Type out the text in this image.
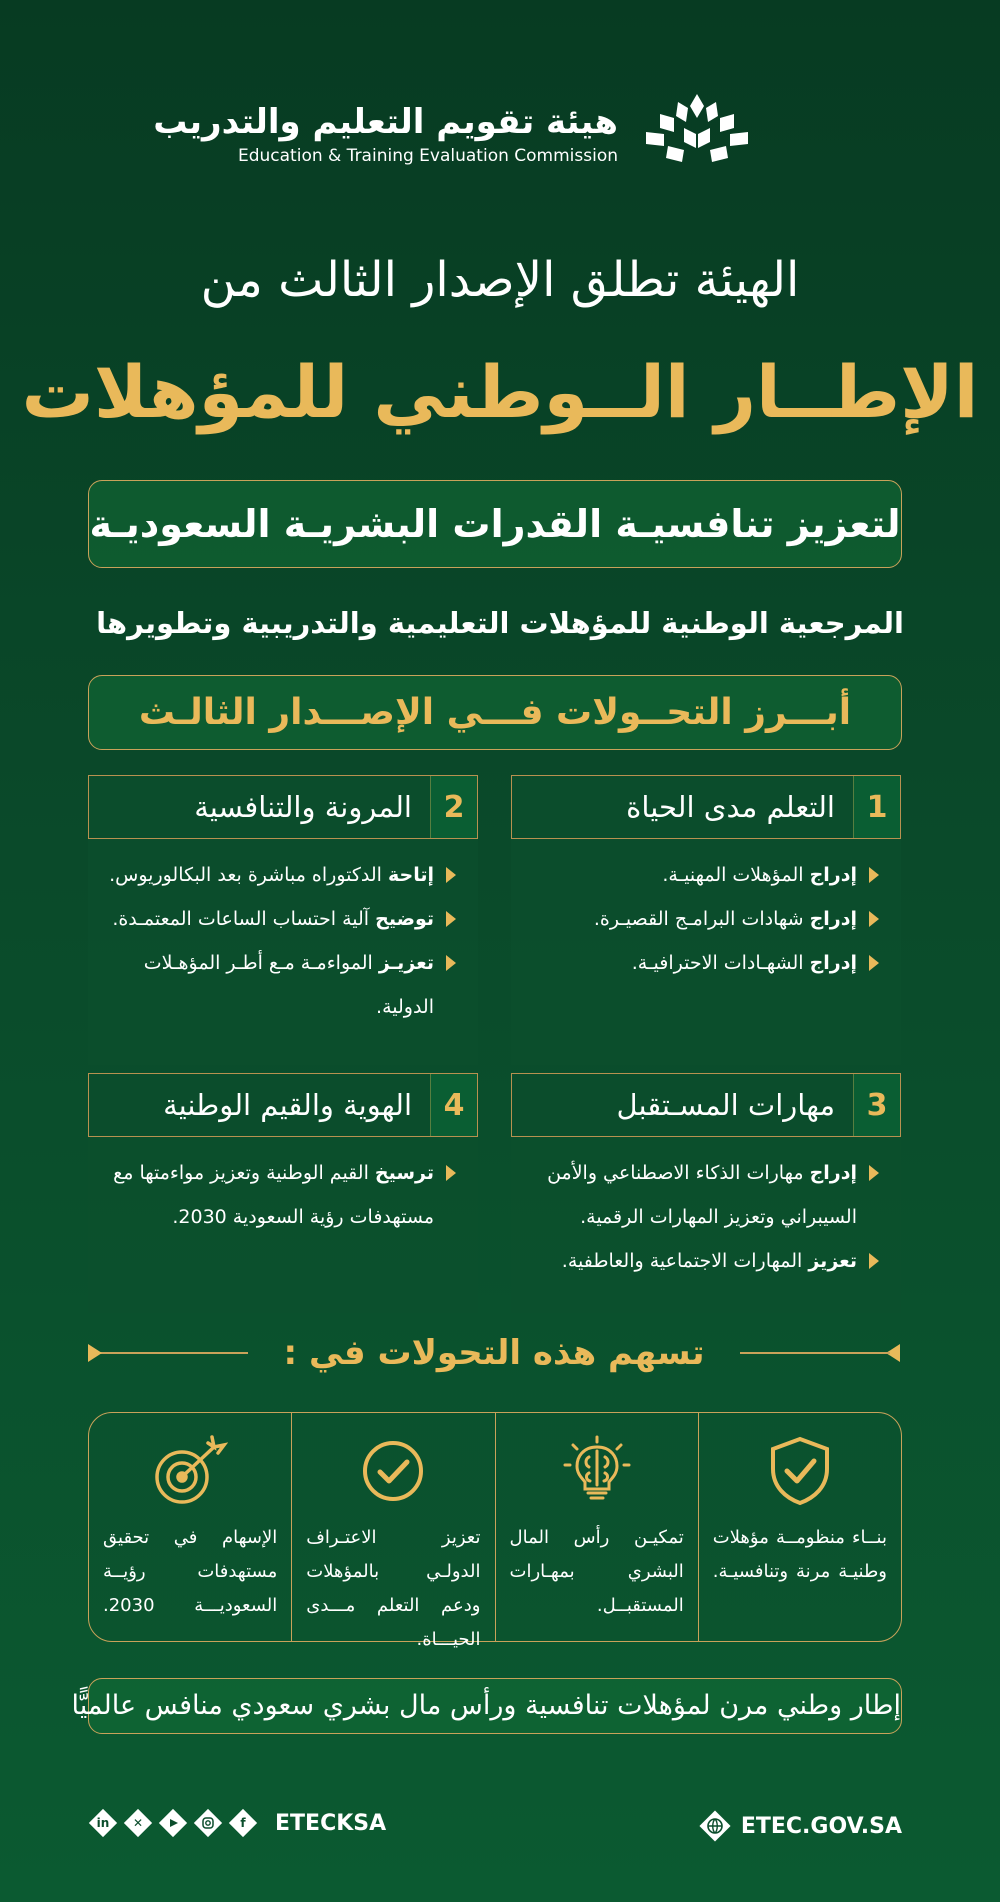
هيئة تقويم التعليم والتدريب
Education & Training Evaluation Commission
الهيئة تطلق الإصدار الثالث من
الإطــار الــوطني للمؤهلات
لتعزيز تنافسيـة القدرات البشريـة السعوديـة
المرجعية الوطنية للمؤهلات التعليمية والتدريبية وتطويرها
أبـــرز التحــولات فـــي الإصـــدار الثالـث
1
التعلم مدى الحياة

إدراج المؤهلات المهنيـة.

إدراج شهادات البرامـج القصيـرة.

إدراج الشهـادات الاحترافيـة.

2
المرونة والتنافسية

إتاحة الدكتوراه مباشرة بعد البكالوريوس.

توضيح آلية احتساب الساعات المعتمـدة.

تعزيـز المواءمـة مـع أطـر المؤهـلات الدولية.

3
مهارات المسـتقبل

إدراج مهارات الذكاء الاصطناعي والأمن السيبراني وتعزيز المهارات الرقمية.

تعزيز المهارات الاجتماعية والعاطفية.

4
الهوية والقيم الوطنية

ترسيخ القيم الوطنية وتعزيز مواءمتها مع مستهدفات رؤية السعودية 2030.

تسهم هذه التحولات في :
بنــاء منظومــة مؤهلات وطنيـة مرنة وتنافسيـة.
تمكيـن رأس المال البشري بمهـارات المستقبــل.
تعزيز الاعتـراف الدولـي بالمؤهلات ودعم التعلم مـــدى الحيـــاة.
الإسهام في تحقيق مستهدفات رؤيــة السعوديـــة 2030.
إطار وطني مرن لمؤهلات تنافسية ورأس مال بشري سعودي منافس عالميًّا
ETEC.GOV.SA
in	✕	f	ETECKSA
